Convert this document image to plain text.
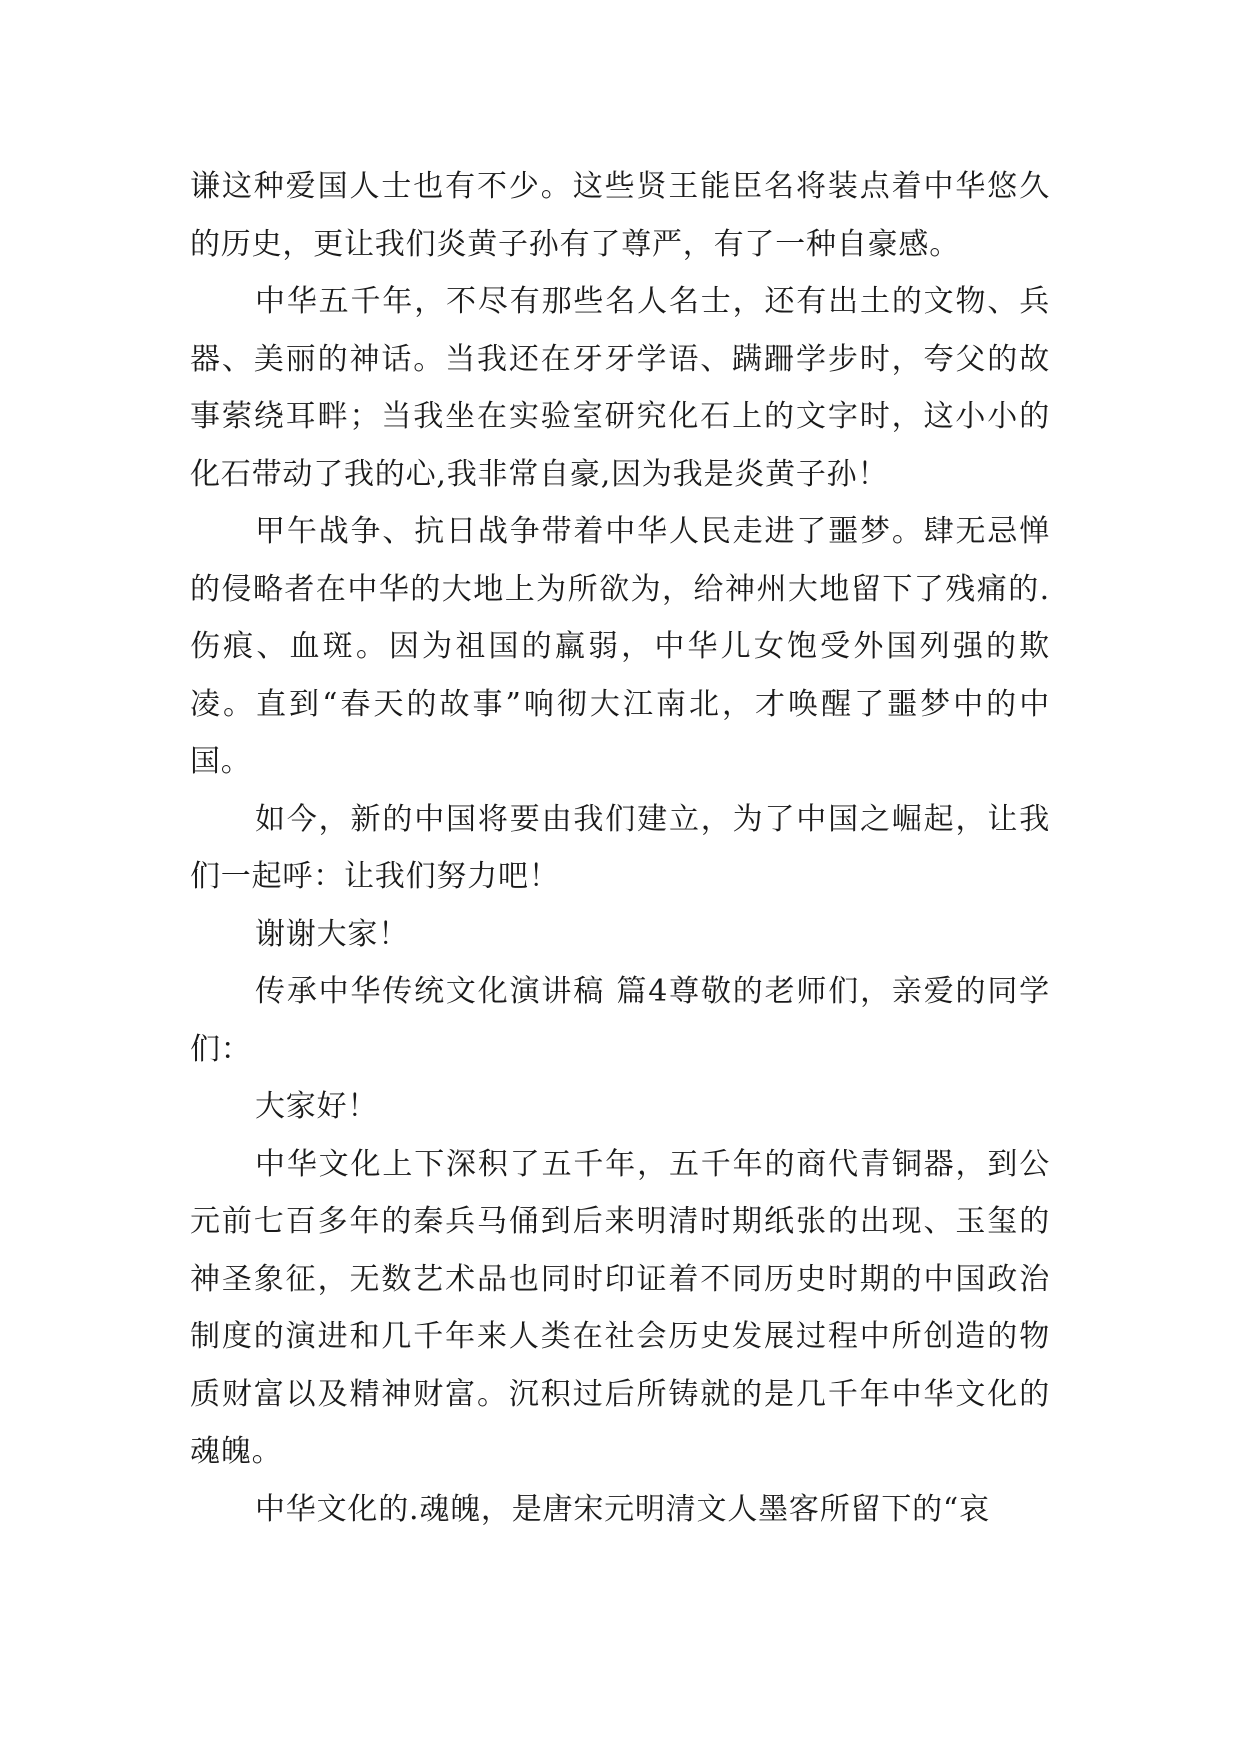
谦这种爱国人士也有不少。这些贤王能臣名将装点着中华悠久的历史，更让我们炎黄子孙有了尊严，有了一种自豪感。

中华五千年，不尽有那些名人名士，还有出土的文物、兵器、美丽的神话。当我还在牙牙学语、蹒跚学步时，夸父的故事萦绕耳畔；当我坐在实验室研究化石上的文字时，这小小的化石带动了我的心,我非常自豪,因为我是炎黄子孙！

甲午战争、抗日战争带着中华人民走进了噩梦。肆无忌惮的侵略者在中华的大地上为所欲为，给神州大地留下了残痛的.伤痕、血斑。因为祖国的羸弱，中华儿女饱受外国列强的欺凌。直到“春天的故事”响彻大江南北，才唤醒了噩梦中的中国。

如今，新的中国将要由我们建立，为了中国之崛起，让我们一起呼：让我们努力吧！

谢谢大家！

传承中华传统文化演讲稿 篇4尊敬的老师们，亲爱的同学们：

大家好！

中华文化上下深积了五千年，五千年的商代青铜器，到公元前七百多年的秦兵马俑到后来明清时期纸张的出现、玉玺的神圣象征，无数艺术品也同时印证着不同历史时期的中国政治制度的演进和几千年来人类在社会历史发展过程中所创造的物质财富以及精神财富。沉积过后所铸就的是几千年中华文化的魂魄。

中华文化的.魂魄，是唐宋元明清文人墨客所留下的“哀
